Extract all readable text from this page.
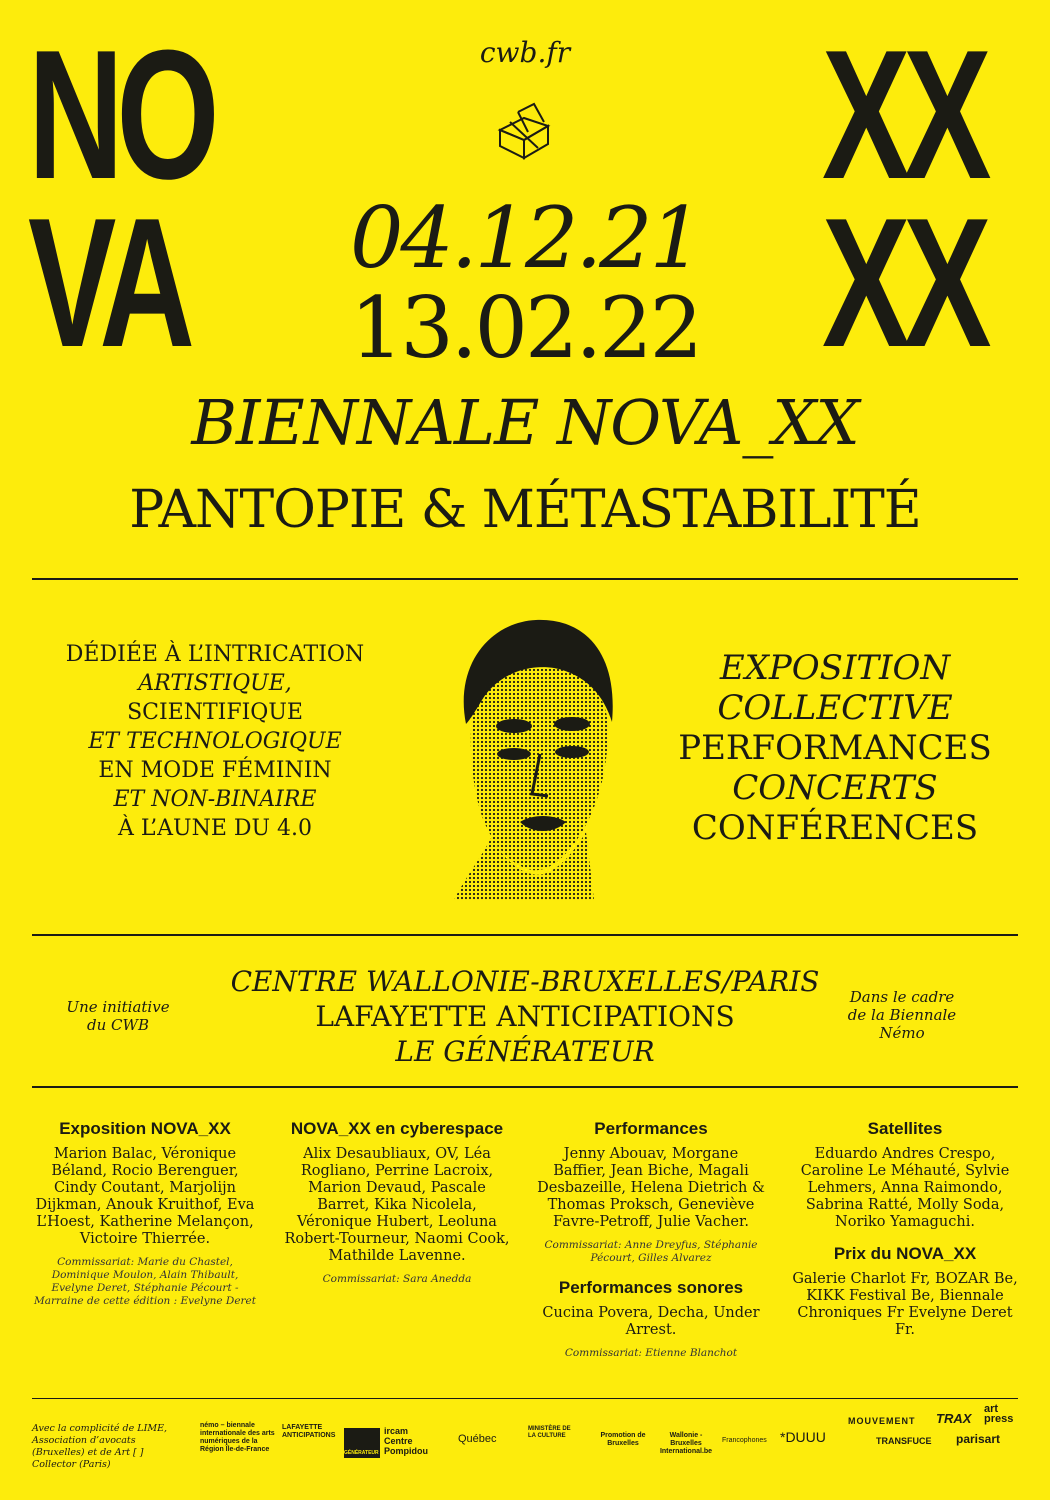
NO
VA
XX
XX
cwb.fr
04.12.21
13.02.22
BIENNALE NOVA_XX
PANTOPIE & MÉTASTABILITÉ
DÉDIÉE À L’INTRICATION
ARTISTIQUE,
SCIENTIFIQUE
ET TECHNOLOGIQUE
EN MODE FÉMININ
ET NON-BINAIRE
À L’AUNE DU 4.0
EXPOSITION
COLLECTIVE
PERFORMANCES
CONCERTS
CONFÉRENCES
Une initiative du CWB
CENTRE WALLONIE-BRUXELLES/PARIS
LAFAYETTE ANTICIPATIONS
LE GÉNÉRATEUR
Dans le cadre de la Biennale Némo
Exposition NOVA_XX
Marion Balac, Véronique Béland, Rocio Berenguer, Cindy Coutant, Marjolijn Dijkman, Anouk Kruithof, Eva L’Hoest, Katherine Melançon, Victoire Thierrée.
Commissariat: Marie du Chastel, Dominique Moulon, Alain Thibault, Evelyne Deret, Stéphanie Pécourt - Marraine de cette édition : Evelyne Deret
NOVA_XX en cyberespace
Alix Desaubliaux, OV, Léa Rogliano, Perrine Lacroix, Marion Devaud, Pascale Barret, Kika Nicolela, Véronique Hubert, Leoluna Robert-Tourneur, Naomi Cook, Mathilde Lavenne.
Commissariat: Sara Anedda
Performances
Jenny Abouav, Morgane Baffier, Jean Biche, Magali Desbazeille, Helena Dietrich & Thomas Proksch, Geneviève Favre-Petroff, Julie Vacher.
Commissariat: Anne Dreyfus, Stéphanie Pécourt, Gilles Alvarez
Performances sonores
Cucina Povera, Decha, Under Arrest.
Commissariat: Etienne Blanchot
Satellites
Eduardo Andres Crespo, Caroline Le Méhauté, Sylvie Lehmers, Anna Raimondo, Sabrina Ratté, Molly Soda, Noriko Yamaguchi.
Prix du NOVA_XX
Galerie Charlot Fr, BOZAR Be, KIKK Festival Be, Biennale Chroniques Fr Evelyne Deret Fr.
Avec la complicité de LIME, Association d’avocats (Bruxelles) et de Art [ ] Collector (Paris)
némo – biennale internationale des arts numériques de la Région Île-de-France
LAFAYETTE ANTICIPATIONS
GÉNÉRATEUR
ircam Centre Pompidou
Québec
MINISTÈRE DE LA CULTURE	Promotion de Bruxelles
Wallonie - Bruxelles International.be
Francophones *DUUU
MOUVEMENT	TRAX
art press
TRANSFUCE	parisart
